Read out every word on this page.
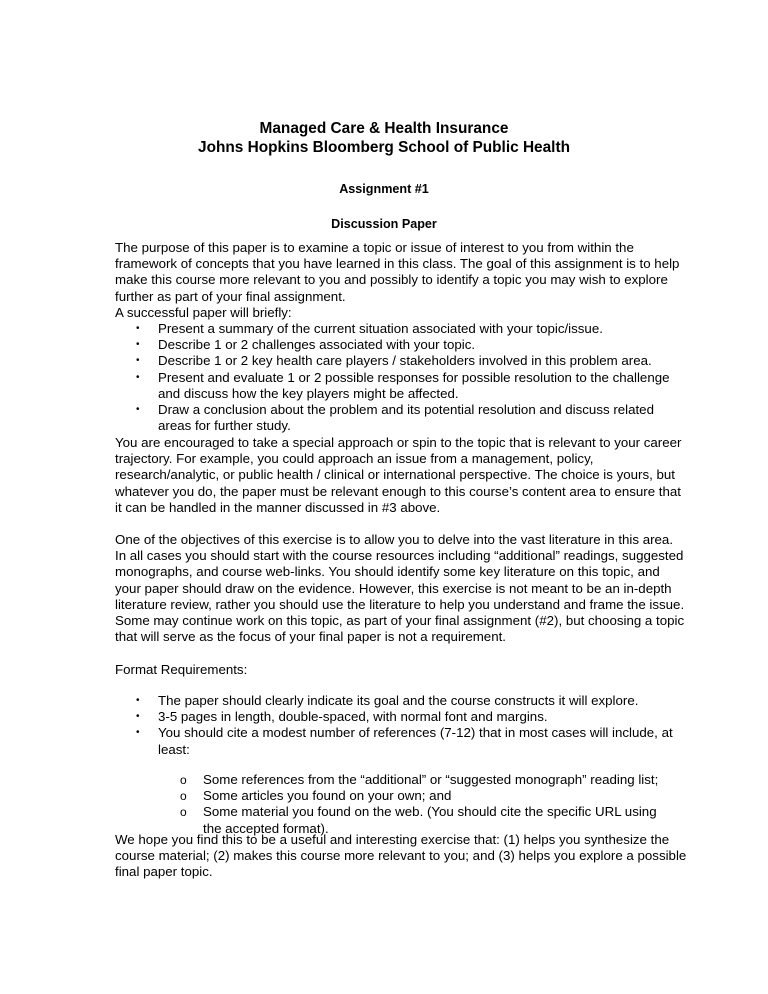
Managed Care & Health Insurance
Johns Hopkins Bloomberg School of Public Health
Assignment #1
Discussion Paper

The purpose of this paper is to examine a topic or issue of interest to you from within the
framework of concepts that you have learned in this class. The goal of this assignment is to help
make this course more relevant to you and possibly to identify a topic you may wish to explore
further as part of your final assignment.

A successful paper will briefly:

• Present a summary of the current situation associated with your topic/issue.
• Describe 1 or 2 challenges associated with your topic.
• Describe 1 or 2 key health care players / stakeholders involved in this problem area.
• Present and evaluate 1 or 2 possible responses for possible resolution to the challenge
and discuss how the key players might be affected.
• Draw a conclusion about the problem and its potential resolution and discuss related
areas for further study.

You are encouraged to take a special approach or spin to the topic that is relevant to your career
trajectory. For example, you could approach an issue from a management, policy,
research/analytic, or public health / clinical or international perspective. The choice is yours, but
whatever you do, the paper must be relevant enough to this course’s content area to ensure that
it can be handled in the manner discussed in #3 above.

One of the objectives of this exercise is to allow you to delve into the vast literature in this area.
In all cases you should start with the course resources including “additional” readings, suggested
monographs, and course web-links. You should identify some key literature on this topic, and
your paper should draw on the evidence. However, this exercise is not meant to be an in-depth
literature review, rather you should use the literature to help you understand and frame the issue.

Some may continue work on this topic, as part of your final assignment (#2), but choosing a topic
that will serve as the focus of your final paper is not a requirement.

Format Requirements:

• The paper should clearly indicate its goal and the course constructs it will explore.
• 3-5 pages in length, double-spaced, with normal font and margins.
• You should cite a modest number of references (7-12) that in most cases will include, at
least:
o Some references from the “additional” or “suggested monograph” reading list;
o Some articles you found on your own; and
o Some material you found on the web. (You should cite the specific URL using
the accepted format).

We hope you find this to be a useful and interesting exercise that: (1) helps you synthesize the
course material; (2) makes this course more relevant to you; and (3) helps you explore a possible
final paper topic.
